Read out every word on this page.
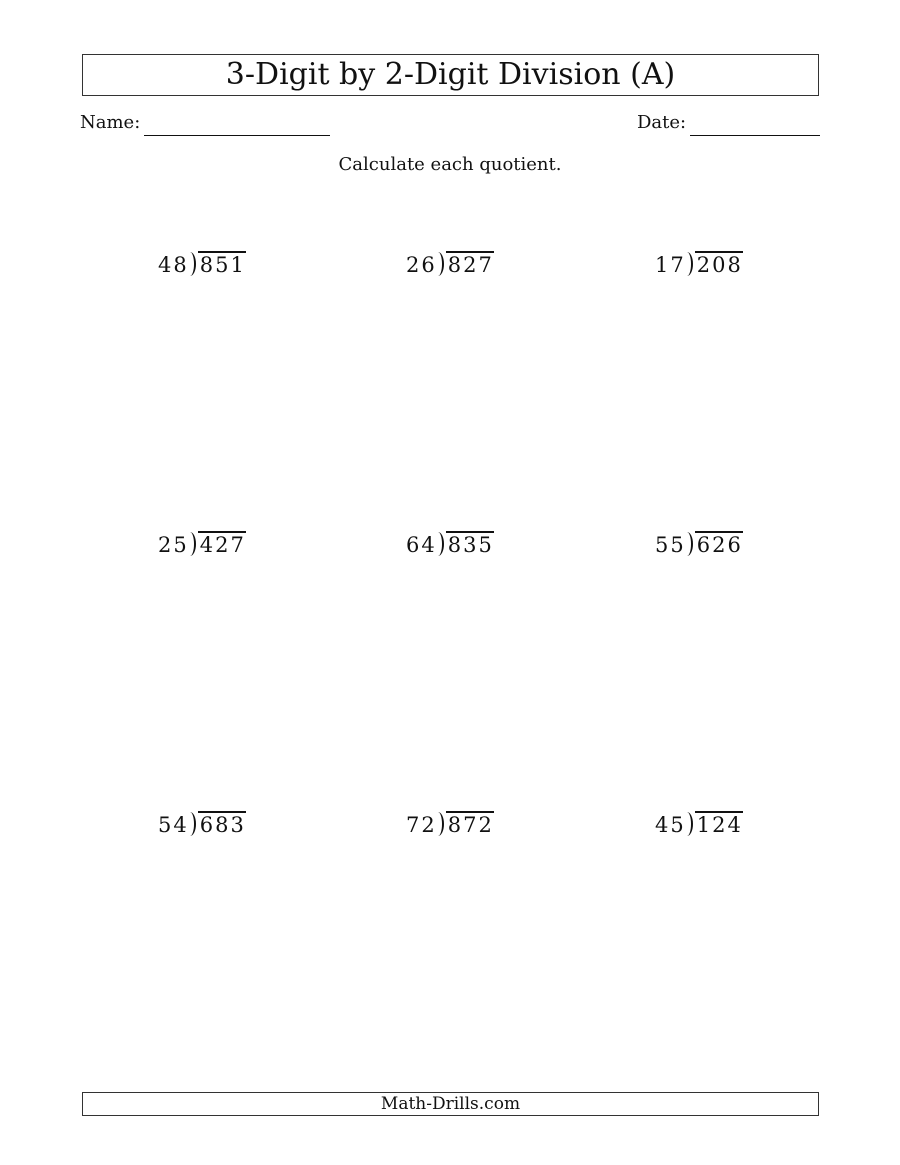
3-Digit by 2-Digit Division (A)
Name:	Date:
Calculate each quotient.
48 851	26 827	17 208
25 427	64 835	55 626
54 683	72 872	45 124
Math-Drills.com
